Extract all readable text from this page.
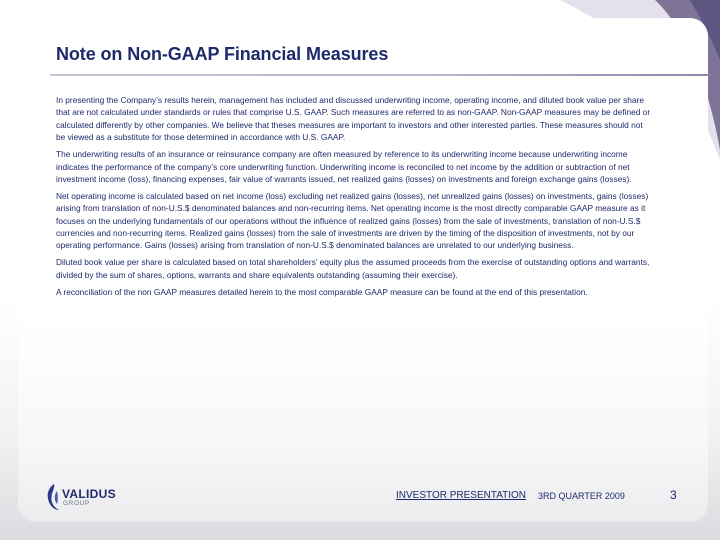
Note on Non-GAAP Financial Measures

In presenting the Company’s results herein, management has included and discussed underwriting income, operating income, and diluted book value per share that are not calculated under standards or rules that comprise U.S. GAAP. Such measures are referred to as non-GAAP. Non-GAAP measures may be defined or calculated differently by other companies. We believe that theses measures are important to investors and other interested parties. These measures should not be viewed as a substitute for those determined in accordance with U.S. GAAP.

The underwriting results of an insurance or reinsurance company are often measured by reference to its underwriting income because underwriting income indicates the performance of the company’s core underwriting function. Underwriting income is reconciled to net income by the addition or subtraction of net investment income (loss), financing expenses, fair value of warrants issued, net realized gains (losses) on investments and foreign exchange gains (losses).

Net operating income is calculated based on net income (loss) excluding net realized gains (losses), net unrealized gains (losses) on investments, gains (losses) arising from translation of non-U.S.$ denominated balances and non-recurring items. Net operating income is the most directly comparable GAAP measure as it focuses on the underlying fundamentals of our operations without the influence of realized gains (losses) from the sale of investments, translation of non-U.S.$ currencies and non-recurring items. Realized gains (losses) from the sale of investments are driven by the timing of the disposition of investments, not by our operating performance. Gains (losses) arising from translation of non-U.S.$ denominated balances are unrelated to our underlying business.

Diluted book value per share is calculated based on total shareholders’ equity plus the assumed proceeds from the exercise of outstanding options and warrants, divided by the sum of shares, options, warrants and share equivalents outstanding (assuming their exercise).

A reconciliation of the non GAAP measures detailed herein to the most comparable GAAP measure can be found at the end of this presentation.

VALIDUS
GROUP
INVESTOR PRESENTATION 3RD QUARTER 2009	3
